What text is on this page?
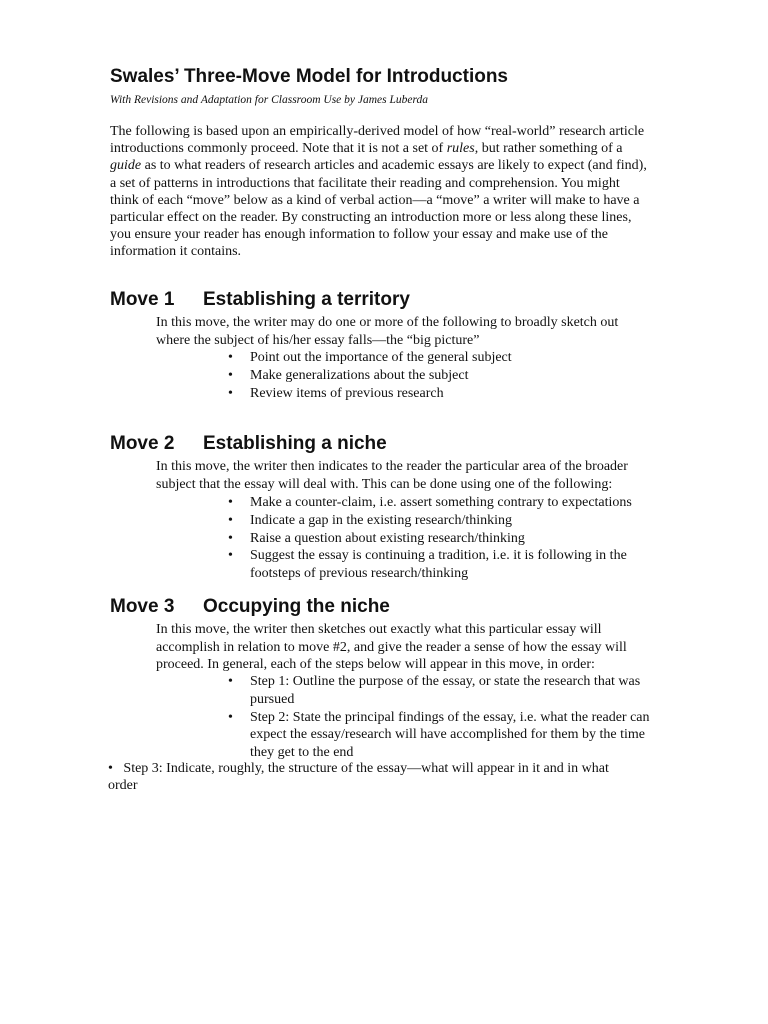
Swales’ Three-Move Model for Introductions
With Revisions and Adaptation for Classroom Use by James Luberda
The following is based upon an empirically-derived model of how “real-world” research article
introductions commonly proceed. Note that it is not a set of rules, but rather something of a
guide as to what readers of research articles and academic essays are likely to expect (and find),
a set of patterns in introductions that facilitate their reading and comprehension. You might
think of each “move” below as a kind of verbal action—a “move” a writer will make to have a
particular effect on the reader. By constructing an introduction more or less along these lines,
you ensure your reader has enough information to follow your essay and make use of the
information it contains.
Move 1 Establishing a territory
In this move, the writer may do one or more of the following to broadly sketch out
where the subject of his/her essay falls—the “big picture”
• Point out the importance of the general subject
• Make generalizations about the subject
• Review items of previous research
Move 2 Establishing a niche
In this move, the writer then indicates to the reader the particular area of the broader
subject that the essay will deal with. This can be done using one of the following:
• Make a counter-claim, i.e. assert something contrary to expectations
• Indicate a gap in the existing research/thinking
• Raise a question about existing research/thinking
• Suggest the essay is continuing a tradition, i.e. it is following in the
footsteps of previous research/thinking
Move 3 Occupying the niche
In this move, the writer then sketches out exactly what this particular essay will
accomplish in relation to move #2, and give the reader a sense of how the essay will
proceed. In general, each of the steps below will appear in this move, in order:
• Step 1: Outline the purpose of the essay, or state the research that was
pursued
• Step 2: State the principal findings of the essay, i.e. what the reader can
expect the essay/research will have accomplished for them by the time
they get to the end
• Step 3: Indicate, roughly, the structure of the essay—what will appear in it and in what
order
